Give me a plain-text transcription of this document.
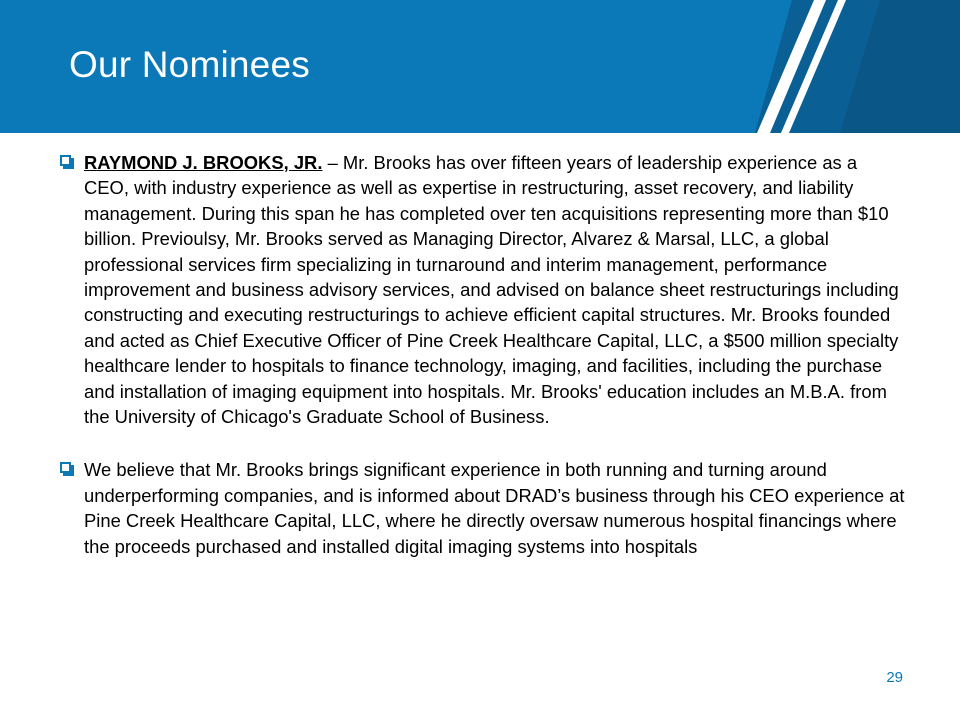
Our Nominees
RAYMOND J. BROOKS, JR. – Mr. Brooks has over fifteen years of leadership experience as a CEO, with industry experience as well as expertise in restructuring, asset recovery, and liability management. During this span he has completed over ten acquisitions representing more than $10 billion. Previoulsy, Mr. Brooks served as Managing Director, Alvarez & Marsal, LLC, a global professional services firm specializing in turnaround and interim management, performance improvement and business advisory services, and advised on balance sheet restructurings including constructing and executing restructurings to achieve efficient capital structures. Mr. Brooks founded and acted as Chief Executive Officer of Pine Creek Healthcare Capital, LLC, a $500 million specialty healthcare lender to hospitals to finance technology, imaging, and facilities, including the purchase and installation of imaging equipment into hospitals. Mr. Brooks' education includes an M.B.A. from the University of Chicago's Graduate School of Business.
We believe that Mr. Brooks brings significant experience in both running and turning around underperforming companies, and is informed about DRAD’s business through his CEO experience at Pine Creek Healthcare Capital, LLC, where he directly oversaw numerous hospital financings where the proceeds purchased and installed digital imaging systems into hospitals
29
